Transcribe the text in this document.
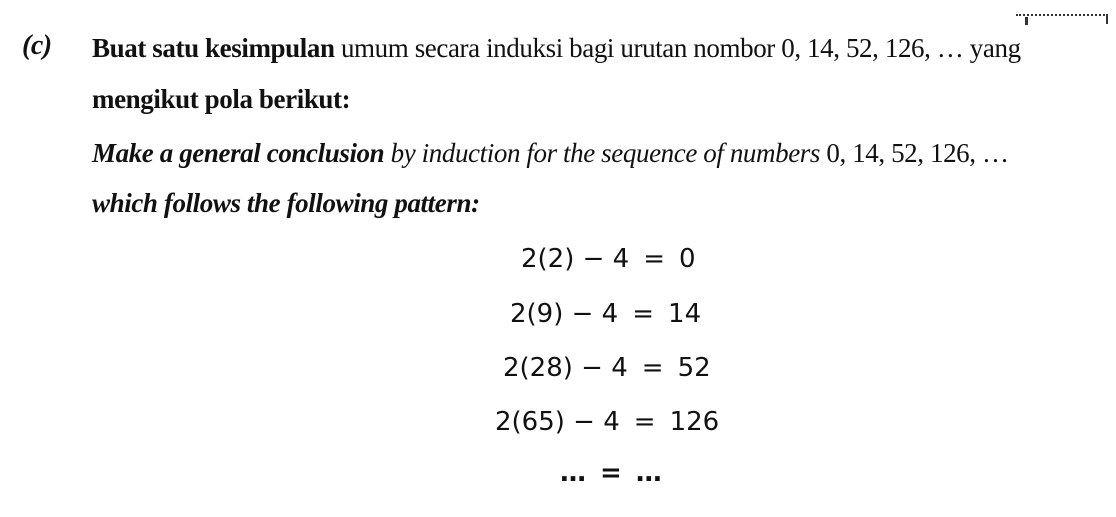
(c) Buat satu kesimpulan umum secara induksi bagi urutan nombor 0, 14, 52, 126, … yang
mengikut pola berikut:
Make a general conclusion by induction for the sequence of numbers 0, 14, 52, 126, …
which follows the following pattern:
2(2) − 4 = 0
2(9) − 4 = 14
2(28) − 4 = 52
2(65) − 4 = 126
… = …
